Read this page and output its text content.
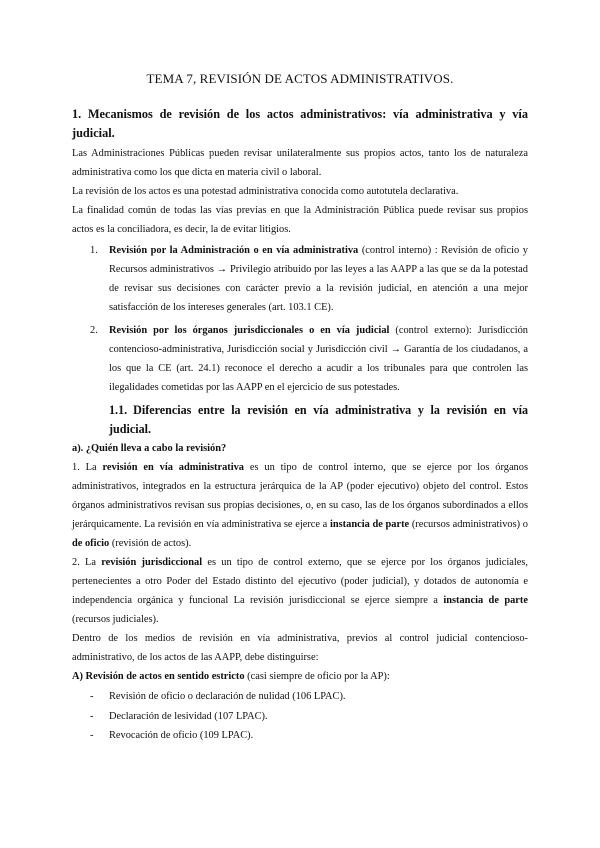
TEMA 7, REVISIÓN DE ACTOS ADMINISTRATIVOS.

1. Mecanismos de revisión de los actos administrativos: vía administrativa y vía judicial.

Las Administraciones Públicas pueden revisar unilateralmente sus propios actos, tanto los de naturaleza administrativa como los que dicta en materia civil o laboral.

La revisión de los actos es una potestad administrativa conocida como autotutela declarativa.

La finalidad común de todas las vías previas en que la Administración Pública puede revisar sus propios actos es la conciliadora, es decir, la de evitar litigios.

1. Revisión por la Administración o en vía administrativa (control interno) : Revisión de oficio y Recursos administrativos → Privilegio atribuido por las leyes a las AAPP a las que se da la potestad de revisar sus decisiones con carácter previo a la revisión judicial, en atención a una mejor satisfacción de los intereses generales (art. 103.1 CE).
2. Revisión por los órganos jurisdiccionales o en vía judicial (control externo): Jurisdicción contencioso-administrativa, Jurisdicción social y Jurisdicción civil → Garantía de los ciudadanos, a los que la CE (art. 24.1) reconoce el derecho a acudir a los tribunales para que controlen las ilegalidades cometidas por las AAPP en el ejercicio de sus potestades.

1.1. Diferencias entre la revisión en vía administrativa y la revisión en vía judicial.

a). ¿Quién lleva a cabo la revisión?

1. La revisión en vía administrativa es un tipo de control interno, que se ejerce por los órganos administrativos, integrados en la estructura jerárquica de la AP (poder ejecutivo) objeto del control. Estos órganos administrativos revisan sus propias decisiones, o, en su caso, las de los órganos subordinados a ellos jerárquicamente. La revisión en vía administrativa se ejerce a instancia de parte (recursos administrativos) o de oficio (revisión de actos).

2. La revisión jurisdiccional es un tipo de control externo, que se ejerce por los órganos judiciales, pertenecientes a otro Poder del Estado distinto del ejecutivo (poder judicial), y dotados de autonomía e independencia orgánica y funcional La revisión jurisdiccional se ejerce siempre a instancia de parte (recursos judiciales).

Dentro de los medios de revisión en vía administrativa, previos al control judicial contencioso-administrativo, de los actos de las AAPP, debe distinguirse:

A) Revisión de actos en sentido estricto (casi siempre de oficio por la AP):

- Revisión de oficio o declaración de nulidad (106 LPAC).
- Declaración de lesividad (107 LPAC).
- Revocación de oficio (109 LPAC).
